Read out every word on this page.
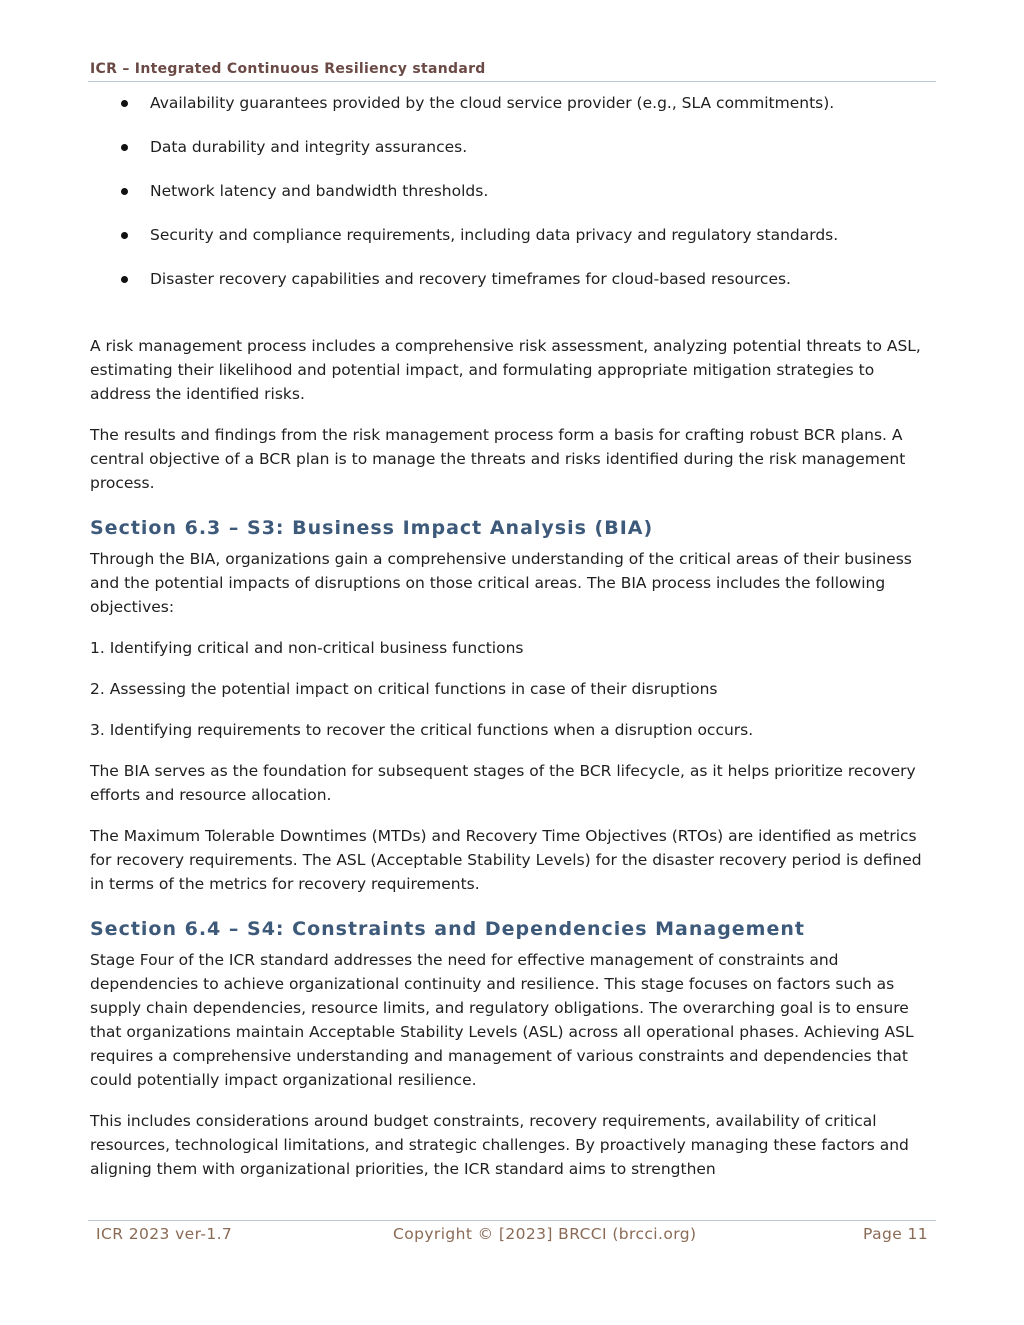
ICR – Integrated Continuous Resiliency standard
Availability guarantees provided by the cloud service provider (e.g., SLA commitments).
Data durability and integrity assurances.
Network latency and bandwidth thresholds.
Security and compliance requirements, including data privacy and regulatory standards.
Disaster recovery capabilities and recovery timeframes for cloud-based resources.

A risk management process includes a comprehensive risk assessment, analyzing potential threats to ASL, estimating their likelihood and potential impact, and formulating appropriate mitigation strategies to address the identified risks.

The results and findings from the risk management process form a basis for crafting robust BCR plans. A central objective of a BCR plan is to manage the threats and risks identified during the risk management process.

Section 6.3 – S3: Business Impact Analysis (BIA)

Through the BIA, organizations gain a comprehensive understanding of the critical areas of their business and the potential impacts of disruptions on those critical areas. The BIA process includes the following objectives:

1. Identifying critical and non-critical business functions

2. Assessing the potential impact on critical functions in case of their disruptions

3. Identifying requirements to recover the critical functions when a disruption occurs.

The BIA serves as the foundation for subsequent stages of the BCR lifecycle, as it helps prioritize recovery efforts and resource allocation.

The Maximum Tolerable Downtimes (MTDs) and Recovery Time Objectives (RTOs) are identified as metrics for recovery requirements. The ASL (Acceptable Stability Levels) for the disaster recovery period is defined in terms of the metrics for recovery requirements.

Section 6.4 – S4: Constraints and Dependencies Management

Stage Four of the ICR standard addresses the need for effective management of constraints and dependencies to achieve organizational continuity and resilience. This stage focuses on factors such as supply chain dependencies, resource limits, and regulatory obligations. The overarching goal is to ensure that organizations maintain Acceptable Stability Levels (ASL) across all operational phases. Achieving ASL requires a comprehensive understanding and management of various constraints and dependencies that could potentially impact organizational resilience.

This includes considerations around budget constraints, recovery requirements, availability of critical resources, technological limitations, and strategic challenges. By proactively managing these factors and aligning them with organizational priorities, the ICR standard aims to strengthen

ICR 2023 ver-1.7	Copyright © [2023] BRCCI (brcci.org)	Page 11
